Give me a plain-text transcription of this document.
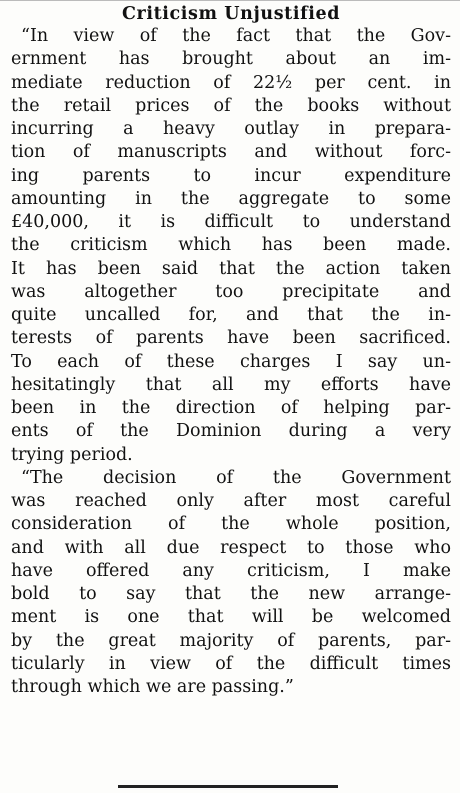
Criticism Unjustified
“In view of the fact that the Gov-
ernment has brought about an im-
mediate reduction of 22½ per cent. in
the retail prices of the books without
incurring a heavy outlay in prepara-
tion of manuscripts and without forc-
ing parents to incur expenditure
amounting in the aggregate to some
£40,000, it is difficult to understand
the criticism which has been made.
It has been said that the action taken
was altogether too precipitate and
quite uncalled for, and that the in-
terests of parents have been sacrificed.
To each of these charges I say un-
hesitatingly that all my efforts have
been in the direction of helping par-
ents of the Dominion during a very
trying period.
“The decision of the Government
was reached only after most careful
consideration of the whole position,
and with all due respect to those who
have offered any criticism, I make
bold to say that the new arrange-
ment is one that will be welcomed
by the great majority of parents, par-
ticularly in view of the difficult times
through which we are passing.”
